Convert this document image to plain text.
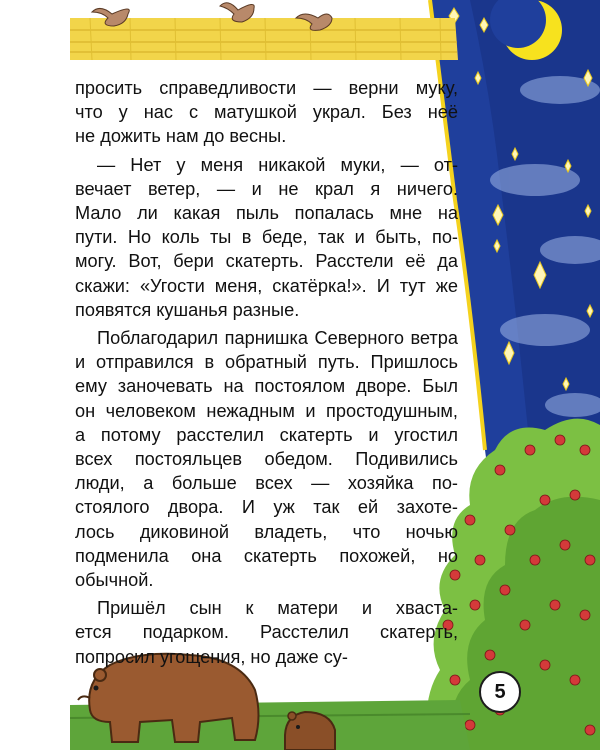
просить справедливости — верни муку,
что у нас с матушкой украл. Без неё
не дожить нам до весны.

— Нет у меня никакой муки, — от-
вечает ветер, — и не крал я ничего.
Мало ли какая пыль попалась мне на
пути. Но коль ты в беде, так и быть, по-
могу. Вот, бери скатерть. Расстели её да
скажи: «Угости меня, скатёрка!». И тут же
появятся кушанья разные.

Поблагодарил парнишка Северного ветра
и отправился в обратный путь. Пришлось
ему заночевать на постоялом дворе. Был
он человеком нежадным и простодушным,
а потому расстелил скатерть и угостил
всех постояльцев обедом. Подивились
люди, а больше всех — хозяйка по-
стоялого двора. И уж так ей захоте-
лось диковиной владеть, что ночью
подменила она скатерть похожей, но
обычной.

Пришёл сын к матери и хваста-
ется подарком. Расстелил скатерть,
попросил угощения, но даже су-

5
